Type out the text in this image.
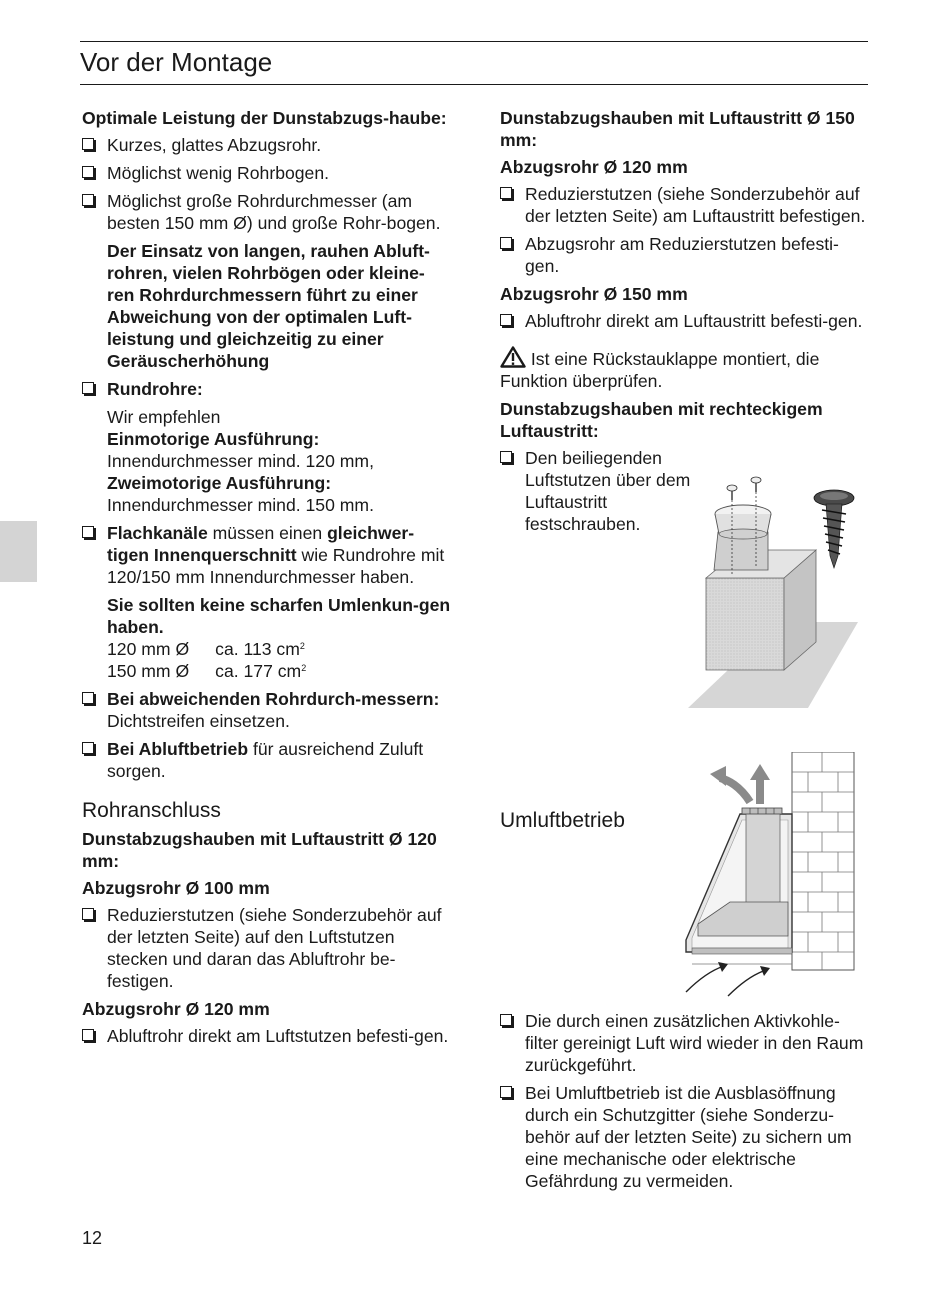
Vor der Montage

Optimale Leistung der Dunstabzugs-haube:

Kurzes, glattes Abzugsrohr.
Möglichst wenig Rohrbogen.
Möglichst große Rohrdurchmesser (am besten 150 mm Ø) und große Rohr-bogen.

Der Einsatz von langen, rauhen Abluft-rohren, vielen Rohrbögen oder kleine-ren Rohrdurchmessern führt zu einer Abweichung von der optimalen Luft-leistung und gleichzeitig zu einer Geräuscherhöhung

Rundrohre:
Wir empfehlen
Einmotorige Ausführung:
Innendurchmesser mind. 120 mm,
Zweimotorige Ausführung:
Innendurchmesser mind. 150 mm.
Flachkanäle müssen einen gleichwer-tigen Innenquerschnitt wie Rundrohre mit 120/150 mm Innendurchmesser haben.
Sie sollten keine scharfen Umlenkun-gen haben.
120 mm Ø ca. 113 $cm^2$
150 mm Ø ca. 177 $cm^2$
Bei abweichenden Rohrdurch-messern: Dichtstreifen einsetzen.
Bei Abluftbetrieb für ausreichend Zuluft sorgen.
Rohranschluss

Dunstabzugshauben mit Luftaustritt Ø 120 mm:

Abzugsrohr Ø 100 mm

Reduzierstutzen (siehe Sonderzubehör auf der letzten Seite) auf den Luftstutzen stecken und daran das Abluftrohr be-festigen.

Abzugsrohr Ø 120 mm

Abluftrohr direkt am Luftstutzen befesti-gen.

Dunstabzugshauben mit Luftaustritt Ø 150 mm:

Abzugsrohr Ø 120 mm

Reduzierstutzen (siehe Sonderzubehör auf der letzten Seite) am Luftaustritt befestigen.
Abzugsrohr am Reduzierstutzen befesti-gen.

Abzugsrohr Ø 150 mm

Abluftrohr direkt am Luftaustritt befesti-gen.

Ist eine Rückstauklappe montiert, die Funktion überprüfen.

Dunstabzugshauben mit rechteckigem Luftaustritt:

Den beiliegenden Luftstutzen über dem Luftaustritt festschrauben.
Umluftbetrieb
Die durch einen zusätzlichen Aktivkohle-filter gereinigt Luft wird wieder in den Raum zurückgeführt.
Bei Umluftbetrieb ist die Ausblasöffnung durch ein Schutzgitter (siehe Sonderzu-behör auf der letzten Seite) zu sichern um eine mechanische oder elektrische Gefährdung zu vermeiden.
12
